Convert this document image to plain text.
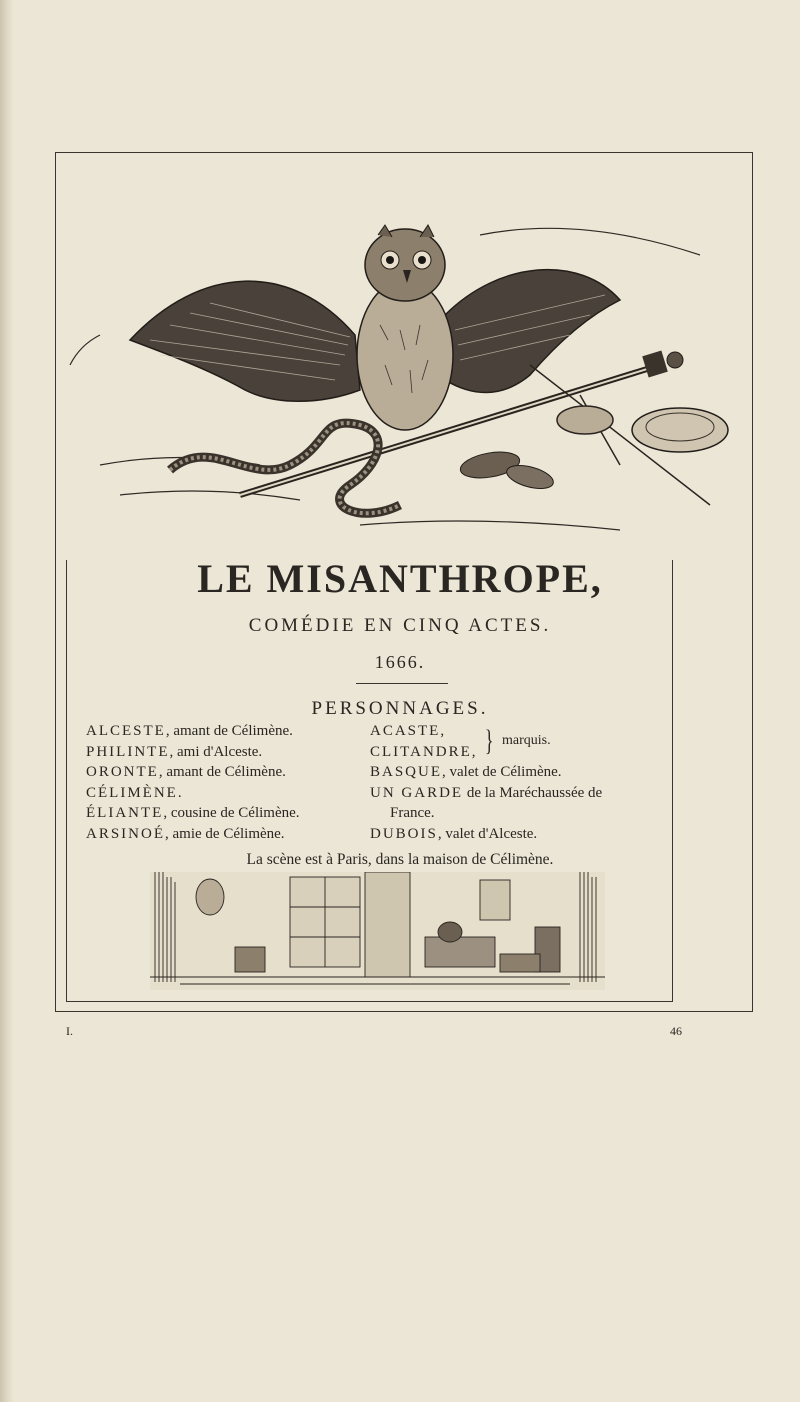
LE MISANTHROPE,
COMÉDIE EN CINQ ACTES.
1666.
PERSONNAGES.
ALCESTE, amant de Célimène.
PHILINTE, ami d'Alceste.
ORONTE, amant de Célimène.
CÉLIMÈNE.
ÉLIANTE, cousine de Célimène.
ARSINOÉ, amie de Célimène.
ACASTE,
CLITANDRE, } marquis.
BASQUE, valet de Célimène.
UN GARDE de la Maréchaussée de
France.
DUBOIS, valet d'Alceste.
La scène est à Paris, dans la maison de Célimène.
I.	46
